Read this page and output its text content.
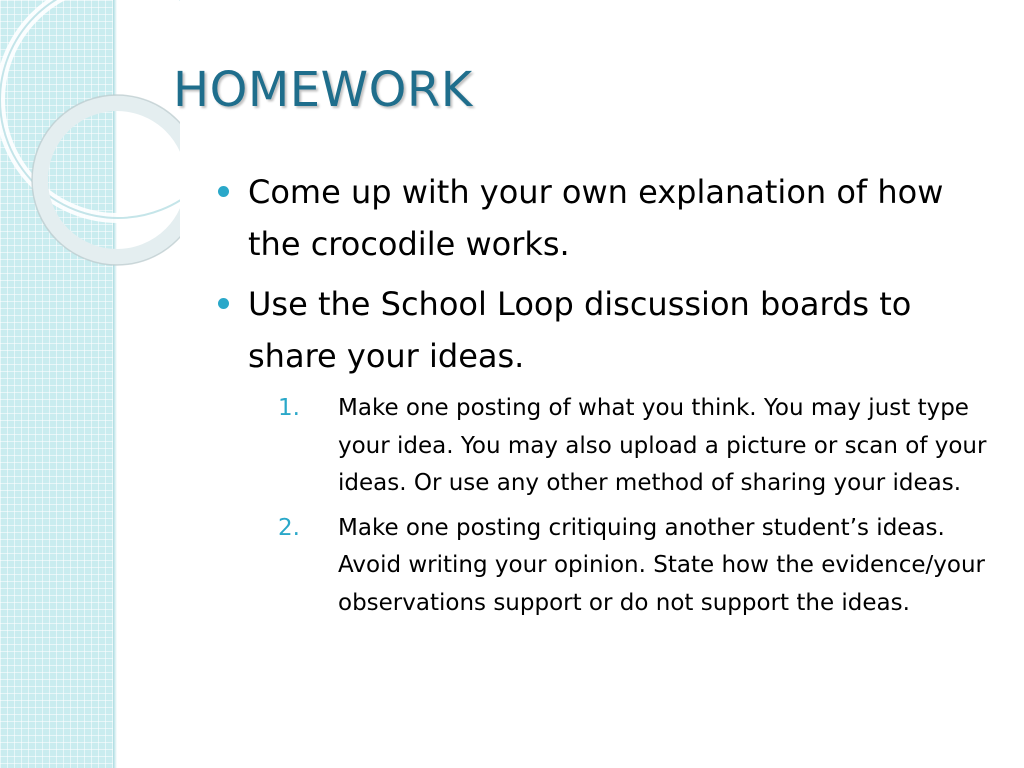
HOMEWORK
Come up with your own explanation of how the crocodile works.
Use the School Loop discussion boards to share your ideas.
1. Make one posting of what you think. You may just type your idea. You may also upload a picture or scan of your ideas. Or use any other method of sharing your ideas.
2. Make one posting critiquing another student’s ideas. Avoid writing your opinion. State how the evidence/your observations support or do not support the ideas.
